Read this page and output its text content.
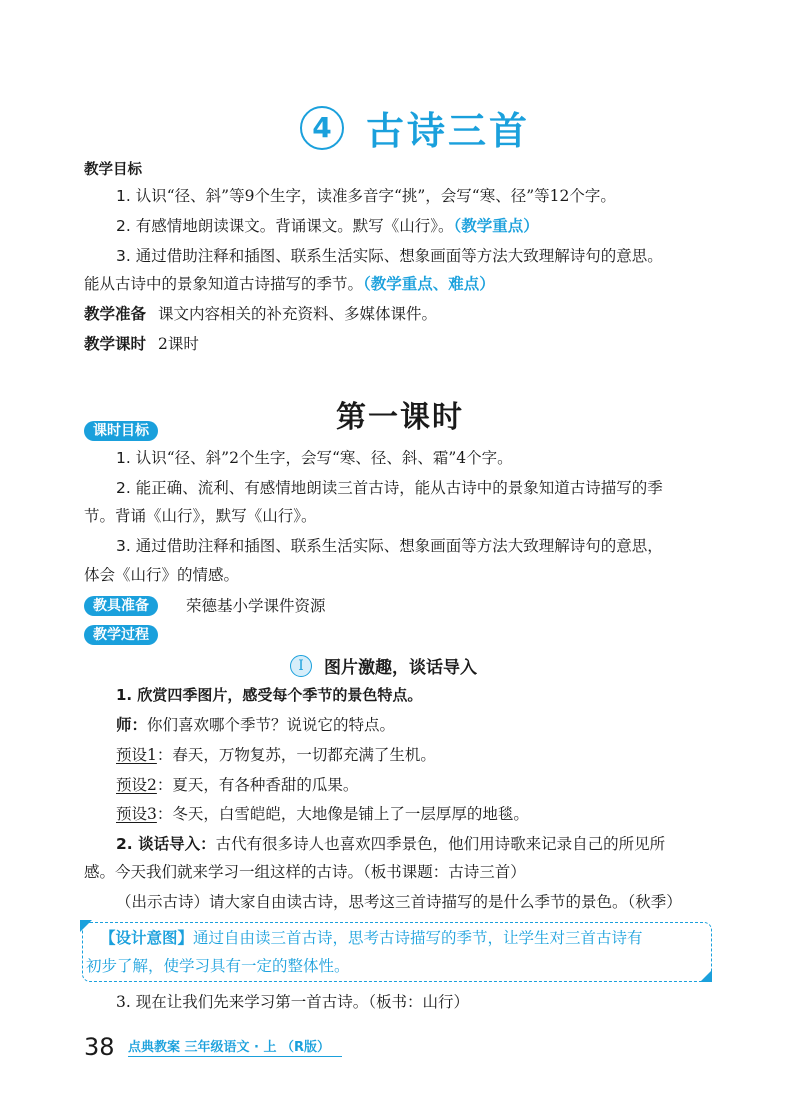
4 古诗三首
教学目标
1. 认识“径、斜”等9个生字，读准多音字“挑”，会写“寒、径”等12个字。
2. 有感情地朗读课文。背诵课文。默写《山行》。（教学重点）
3. 通过借助注释和插图、联系生活实际、想象画面等方法大致理解诗句的意思。
能从古诗中的景象知道古诗描写的季节。（教学重点、难点）
教学准备 课文内容相关的补充资料、多媒体课件。
教学课时 2课时
第一课时
课时目标
1. 认识“径、斜”2个生字，会写“寒、径、斜、霜”4个字。
2. 能正确、流利、有感情地朗读三首古诗，能从古诗中的景象知道古诗描写的季
节。背诵《山行》，默写《山行》。
3. 通过借助注释和插图、联系生活实际、想象画面等方法大致理解诗句的意思，
体会《山行》的情感。
教具准备	荣德基小学课件资源
教学过程
I	图片激趣，谈话导入
1. 欣赏四季图片，感受每个季节的景色特点。
师：你们喜欢哪个季节？说说它的特点。
预设1：春天，万物复苏，一切都充满了生机。
预设2：夏天，有各种香甜的瓜果。
预设3：冬天，白雪皑皑，大地像是铺上了一层厚厚的地毯。
2. 谈话导入：古代有很多诗人也喜欢四季景色，他们用诗歌来记录自己的所见所
感。今天我们就来学习一组这样的古诗。（板书课题：古诗三首）
（出示古诗）请大家自由读古诗，思考这三首诗描写的是什么季节的景色。（秋季）
【设计意图】通过自由读三首古诗，思考古诗描写的季节，让学生对三首古诗有
初步了解，使学习具有一定的整体性。
3. 现在让我们先来学习第一首古诗。（板书：山行）
38 点典教案 三年级语文 · 上 （R版）
